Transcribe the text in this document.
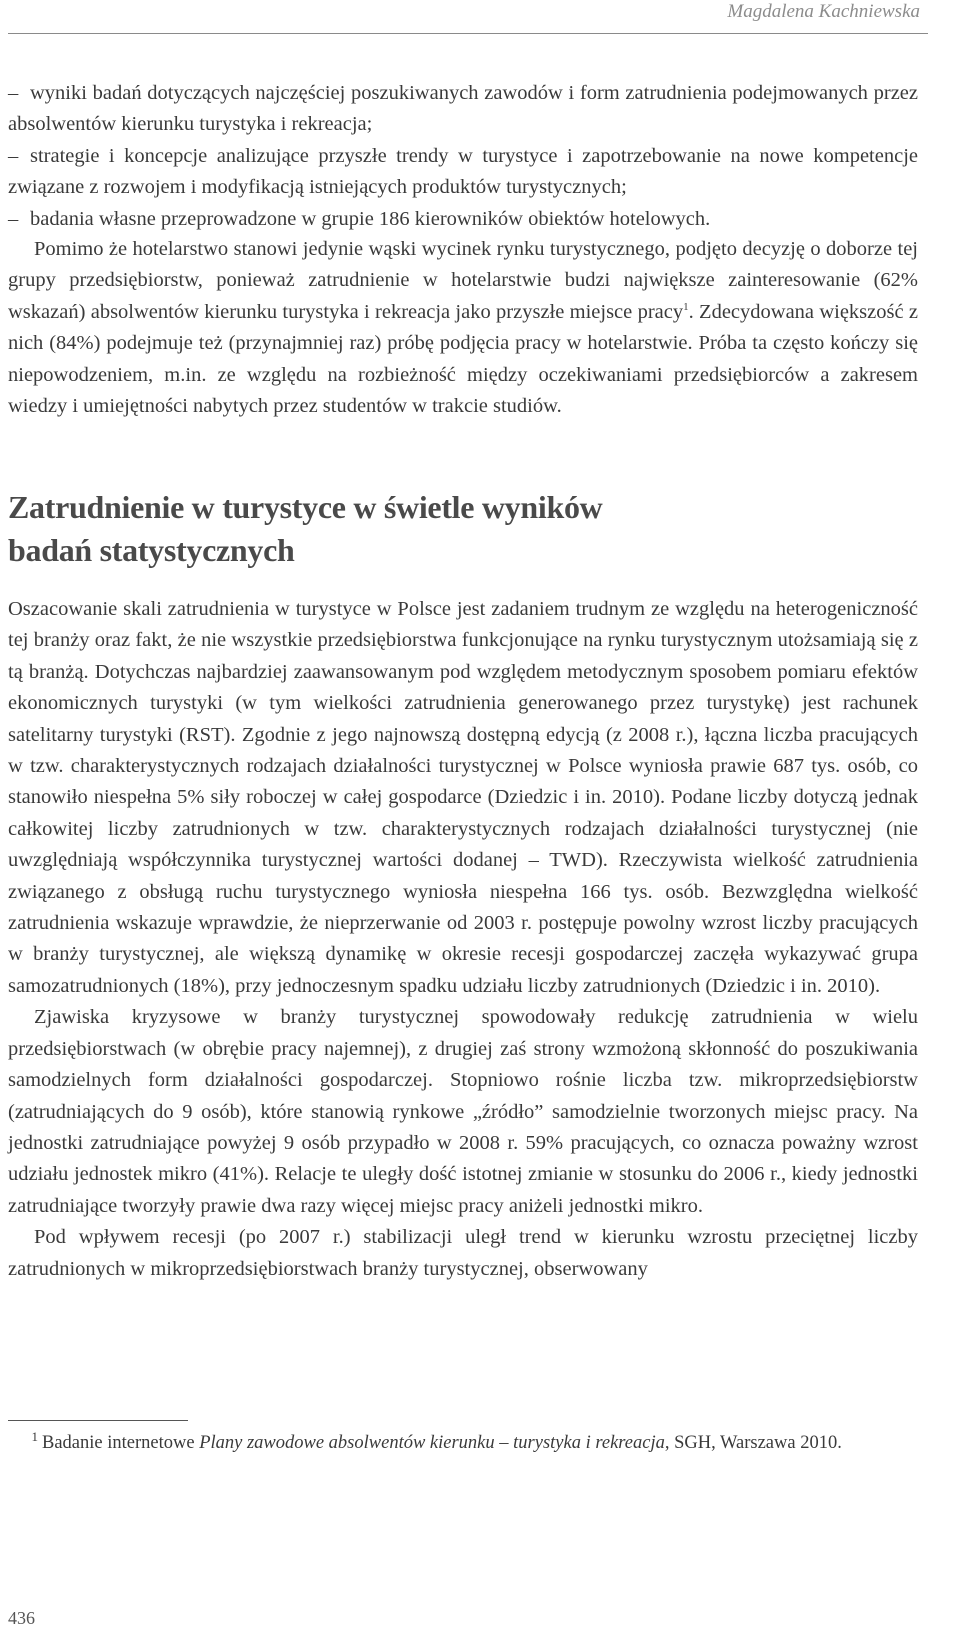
Magdalena Kachniewska
– wyniki badań dotyczących najczęściej poszukiwanych zawodów i form zatrudnienia podejmowanych przez absolwentów kierunku turystyka i rekreacja;
– strategie i koncepcje analizujące przyszłe trendy w turystyce i zapotrzebowanie na nowe kompetencje związane z rozwojem i modyfikacją istniejących produktów turystycznych;
– badania własne przeprowadzone w grupie 186 kierowników obiektów hotelowych.

Pomimo że hotelarstwo stanowi jedynie wąski wycinek rynku turystycznego, podjęto decyzję o doborze tej grupy przedsiębiorstw, ponieważ zatrudnienie w hotelarstwie budzi największe zainteresowanie (62% wskazań) absolwentów kierunku turystyka i rekreacja jako przyszłe miejsce pracy$^1$. Zdecydowana większość z nich (84%) podejmuje też (przynajmniej raz) próbę podjęcia pracy w hotelarstwie. Próba ta często kończy się niepowodzeniem, m.in. ze względu na rozbieżność między oczekiwaniami przedsiębiorców a zakresem wiedzy i umiejętności nabytych przez studentów w trakcie studiów.

Zatrudnienie w turystyce w świetle wyników
badań statystycznych

Oszacowanie skali zatrudnienia w turystyce w Polsce jest zadaniem trudnym ze względu na heterogeniczność tej branży oraz fakt, że nie wszystkie przedsiębiorstwa funkcjonujące na rynku turystycznym utożsamiają się z tą branżą. Dotychczas najbardziej zaawansowanym pod względem metodycznym sposobem pomiaru efektów ekonomicznych turystyki (w tym wielkości zatrudnienia generowanego przez turystykę) jest rachunek satelitarny turystyki (RST). Zgodnie z jego najnowszą dostępną edycją (z 2008 r.), łączna liczba pracujących w tzw. charakterystycznych rodzajach działalności turystycznej w Polsce wyniosła prawie 687 tys. osób, co stanowiło niespełna 5% siły roboczej w całej gospodarce (Dziedzic i in. 2010). Podane liczby dotyczą jednak całkowitej liczby zatrudnionych w tzw. charakterystycznych rodzajach działalności turystycznej (nie uwzględniają współczynnika turystycznej wartości dodanej – TWD). Rzeczywista wielkość zatrudnienia związanego z obsługą ruchu turystycznego wyniosła niespełna 166 tys. osób. Bezwzględna wielkość zatrudnienia wskazuje wprawdzie, że nieprzerwanie od 2003 r. postępuje powolny wzrost liczby pracujących w branży turystycznej, ale większą dynamikę w okresie recesji gospodarczej zaczęła wykazywać grupa samozatrudnionych (18%), przy jednoczesnym spadku udziału liczby zatrudnionych (Dziedzic i in. 2010).

Zjawiska kryzysowe w branży turystycznej spowodowały redukcję zatrudnienia w wielu przedsiębiorstwach (w obrębie pracy najemnej), z drugiej zaś strony wzmożoną skłonność do poszukiwania samodzielnych form działalności gospodarczej. Stopniowo rośnie liczba tzw. mikroprzedsiębiorstw (zatrudniających do 9 osób), które stanowią rynkowe „źródło” samodzielnie tworzonych miejsc pracy. Na jednostki zatrudniające powyżej 9 osób przypadło w 2008 r. 59% pracujących, co oznacza poważny wzrost udziału jednostek mikro (41%). Relacje te uległy dość istotnej zmianie w stosunku do 2006 r., kiedy jednostki zatrudniające tworzyły prawie dwa razy więcej miejsc pracy aniżeli jednostki mikro.

Pod wpływem recesji (po 2007 r.) stabilizacji uległ trend w kierunku wzrostu przeciętnej liczby zatrudnionych w mikroprzedsiębiorstwach branży turystycznej, obserwowany

1 Badanie internetowe Plany zawodowe absolwentów kierunku – turystyka i rekreacja, SGH, Warszawa 2010.
436
